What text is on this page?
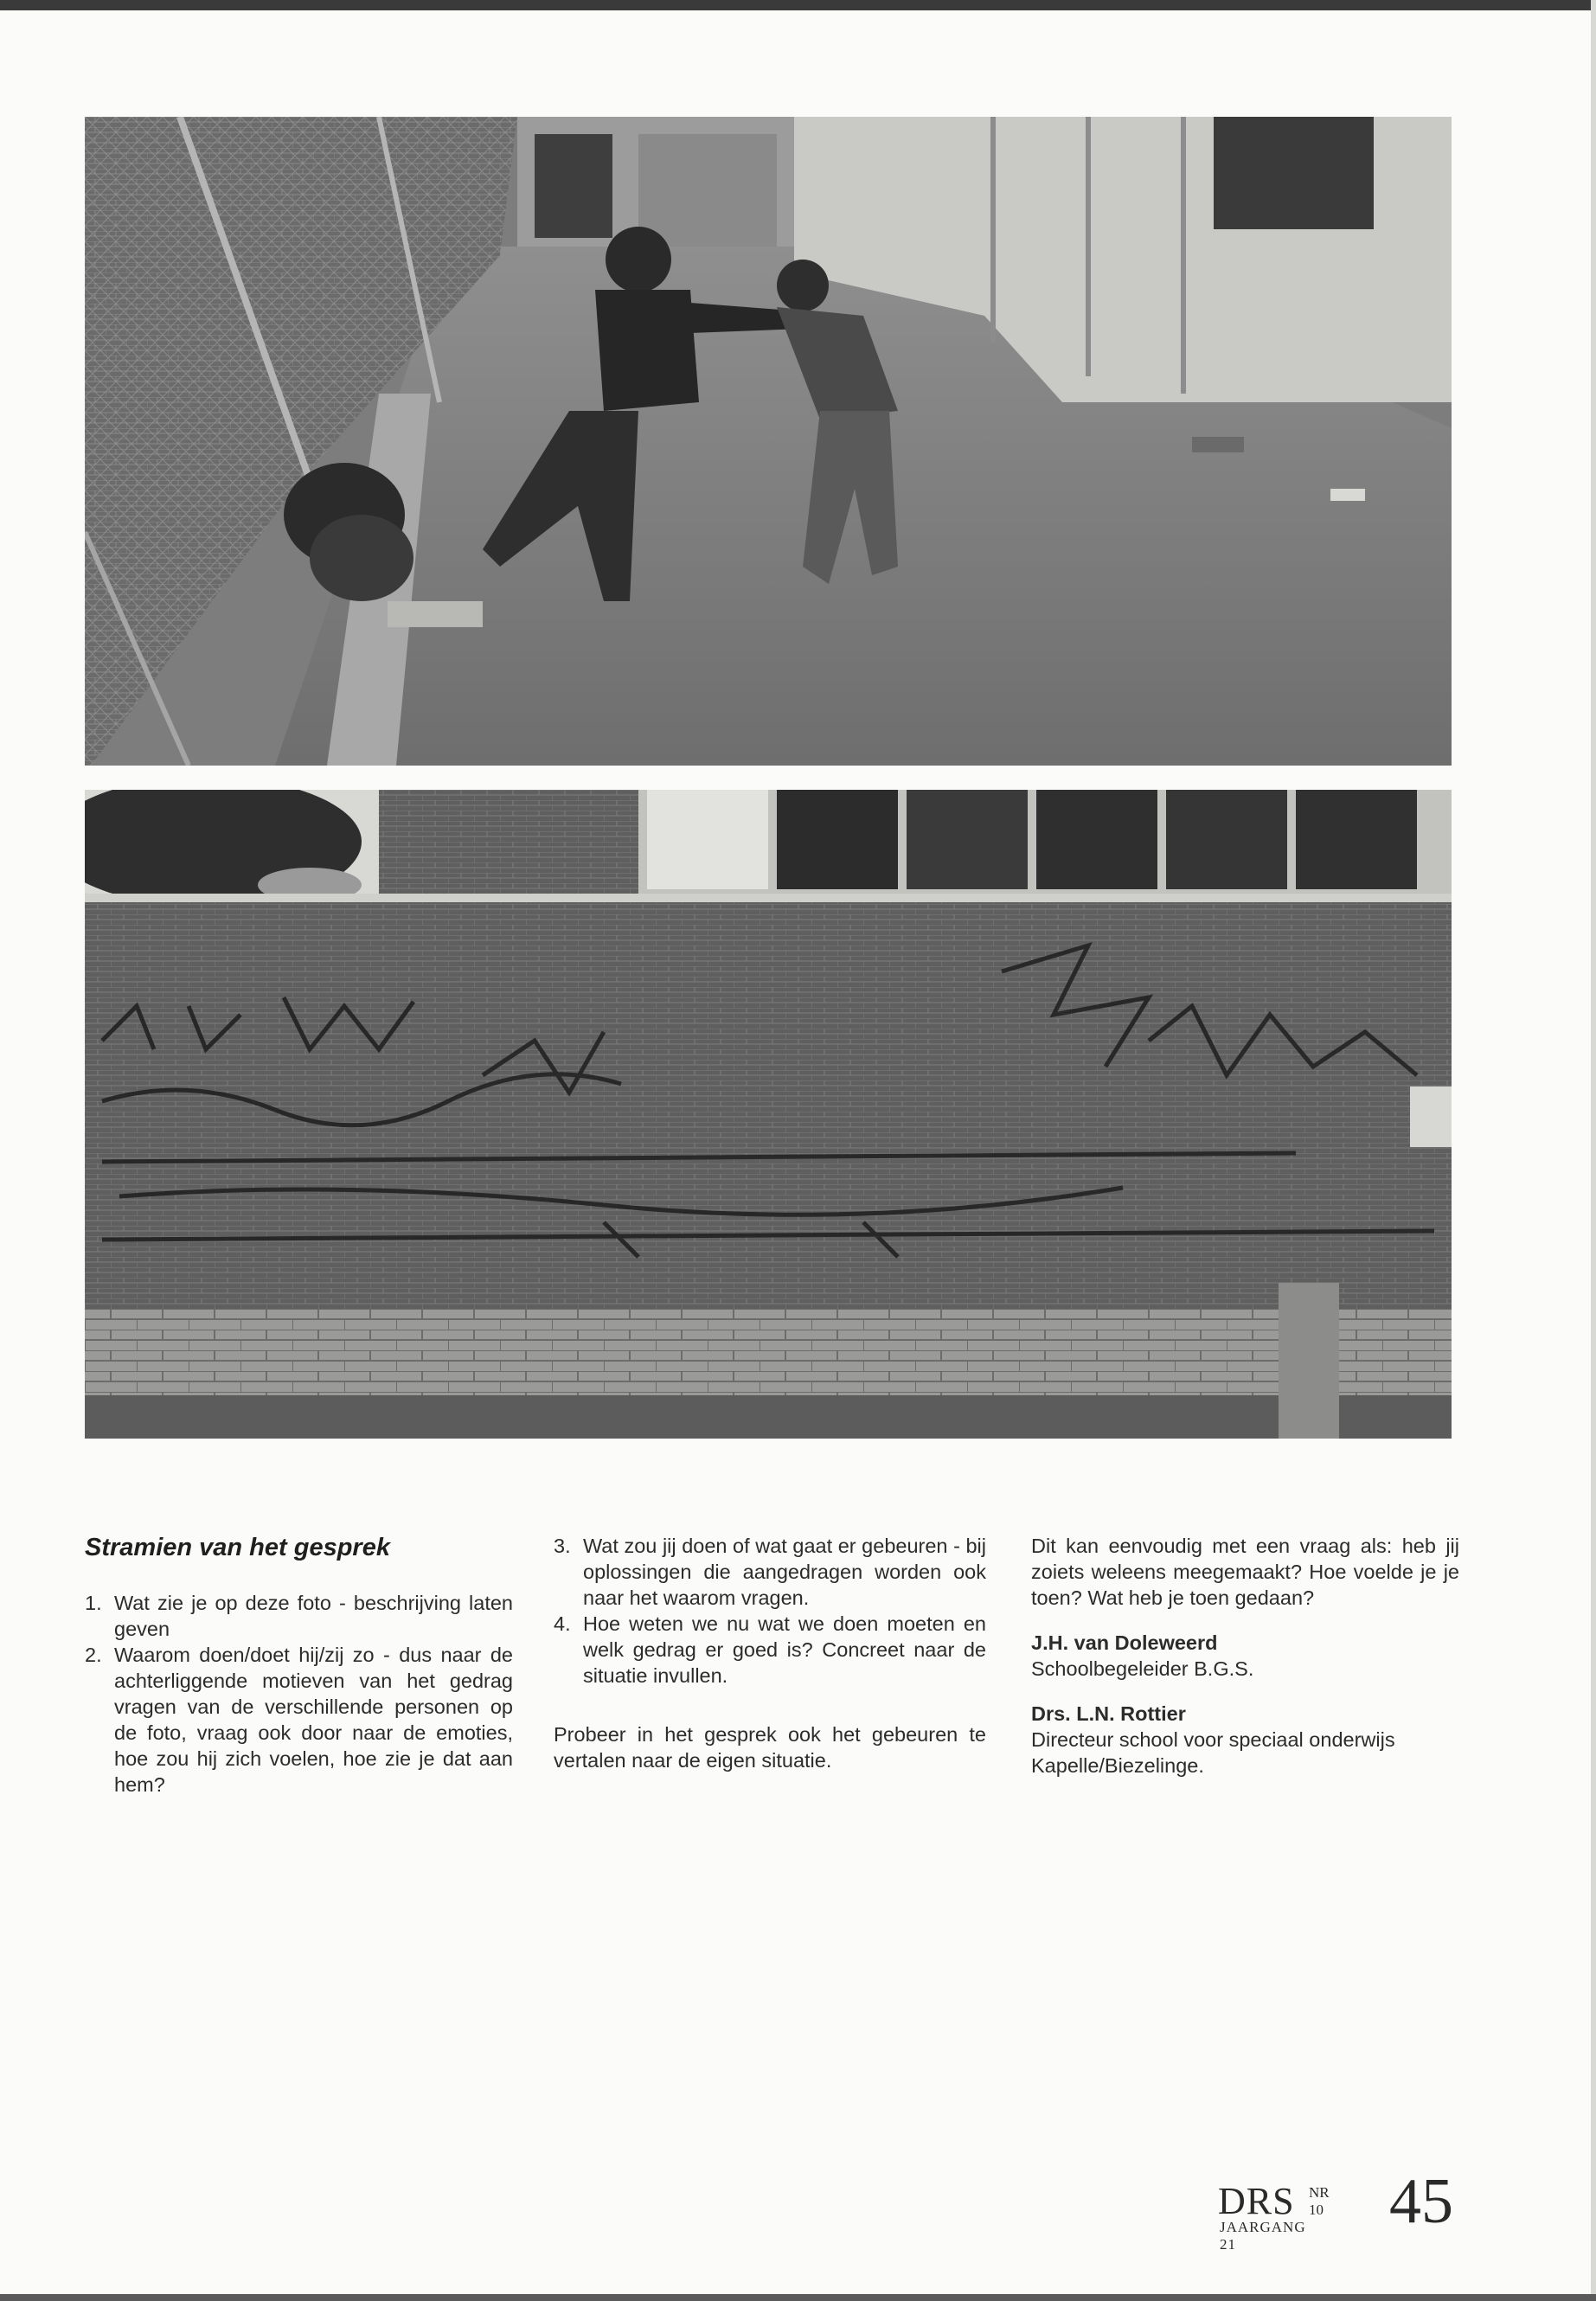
Stramien van het gesprek
1. Wat zie je op deze foto - beschrijving laten geven
2. Waarom doen/doet hij/zij zo - dus naar de achterliggende motieven van het gedrag vragen van de verschillende personen op de foto, vraag ook door naar de emoties, hoe zou hij zich voelen, hoe zie je dat aan hem?
3. Wat zou jij doen of wat gaat er gebeuren - bij oplossingen die aangedragen worden ook naar het waarom vragen.
4. Hoe weten we nu wat we doen moeten en welk gedrag er goed is? Concreet naar de situatie invullen.

Probeer in het gesprek ook het gebeuren te vertalen naar de eigen situatie.

Dit kan eenvoudig met een vraag als: heb jij zoiets weleens meegemaakt? Hoe voelde je je toen? Wat heb je toen gedaan?

J.H. van Doleweerd

Schoolbegeleider B.G.S.

Drs. L.N. Rottier

Directeur school voor speciaal onderwijs Kapelle/Biezelinge.

DRS NR 10
JAARGANG 21
45
